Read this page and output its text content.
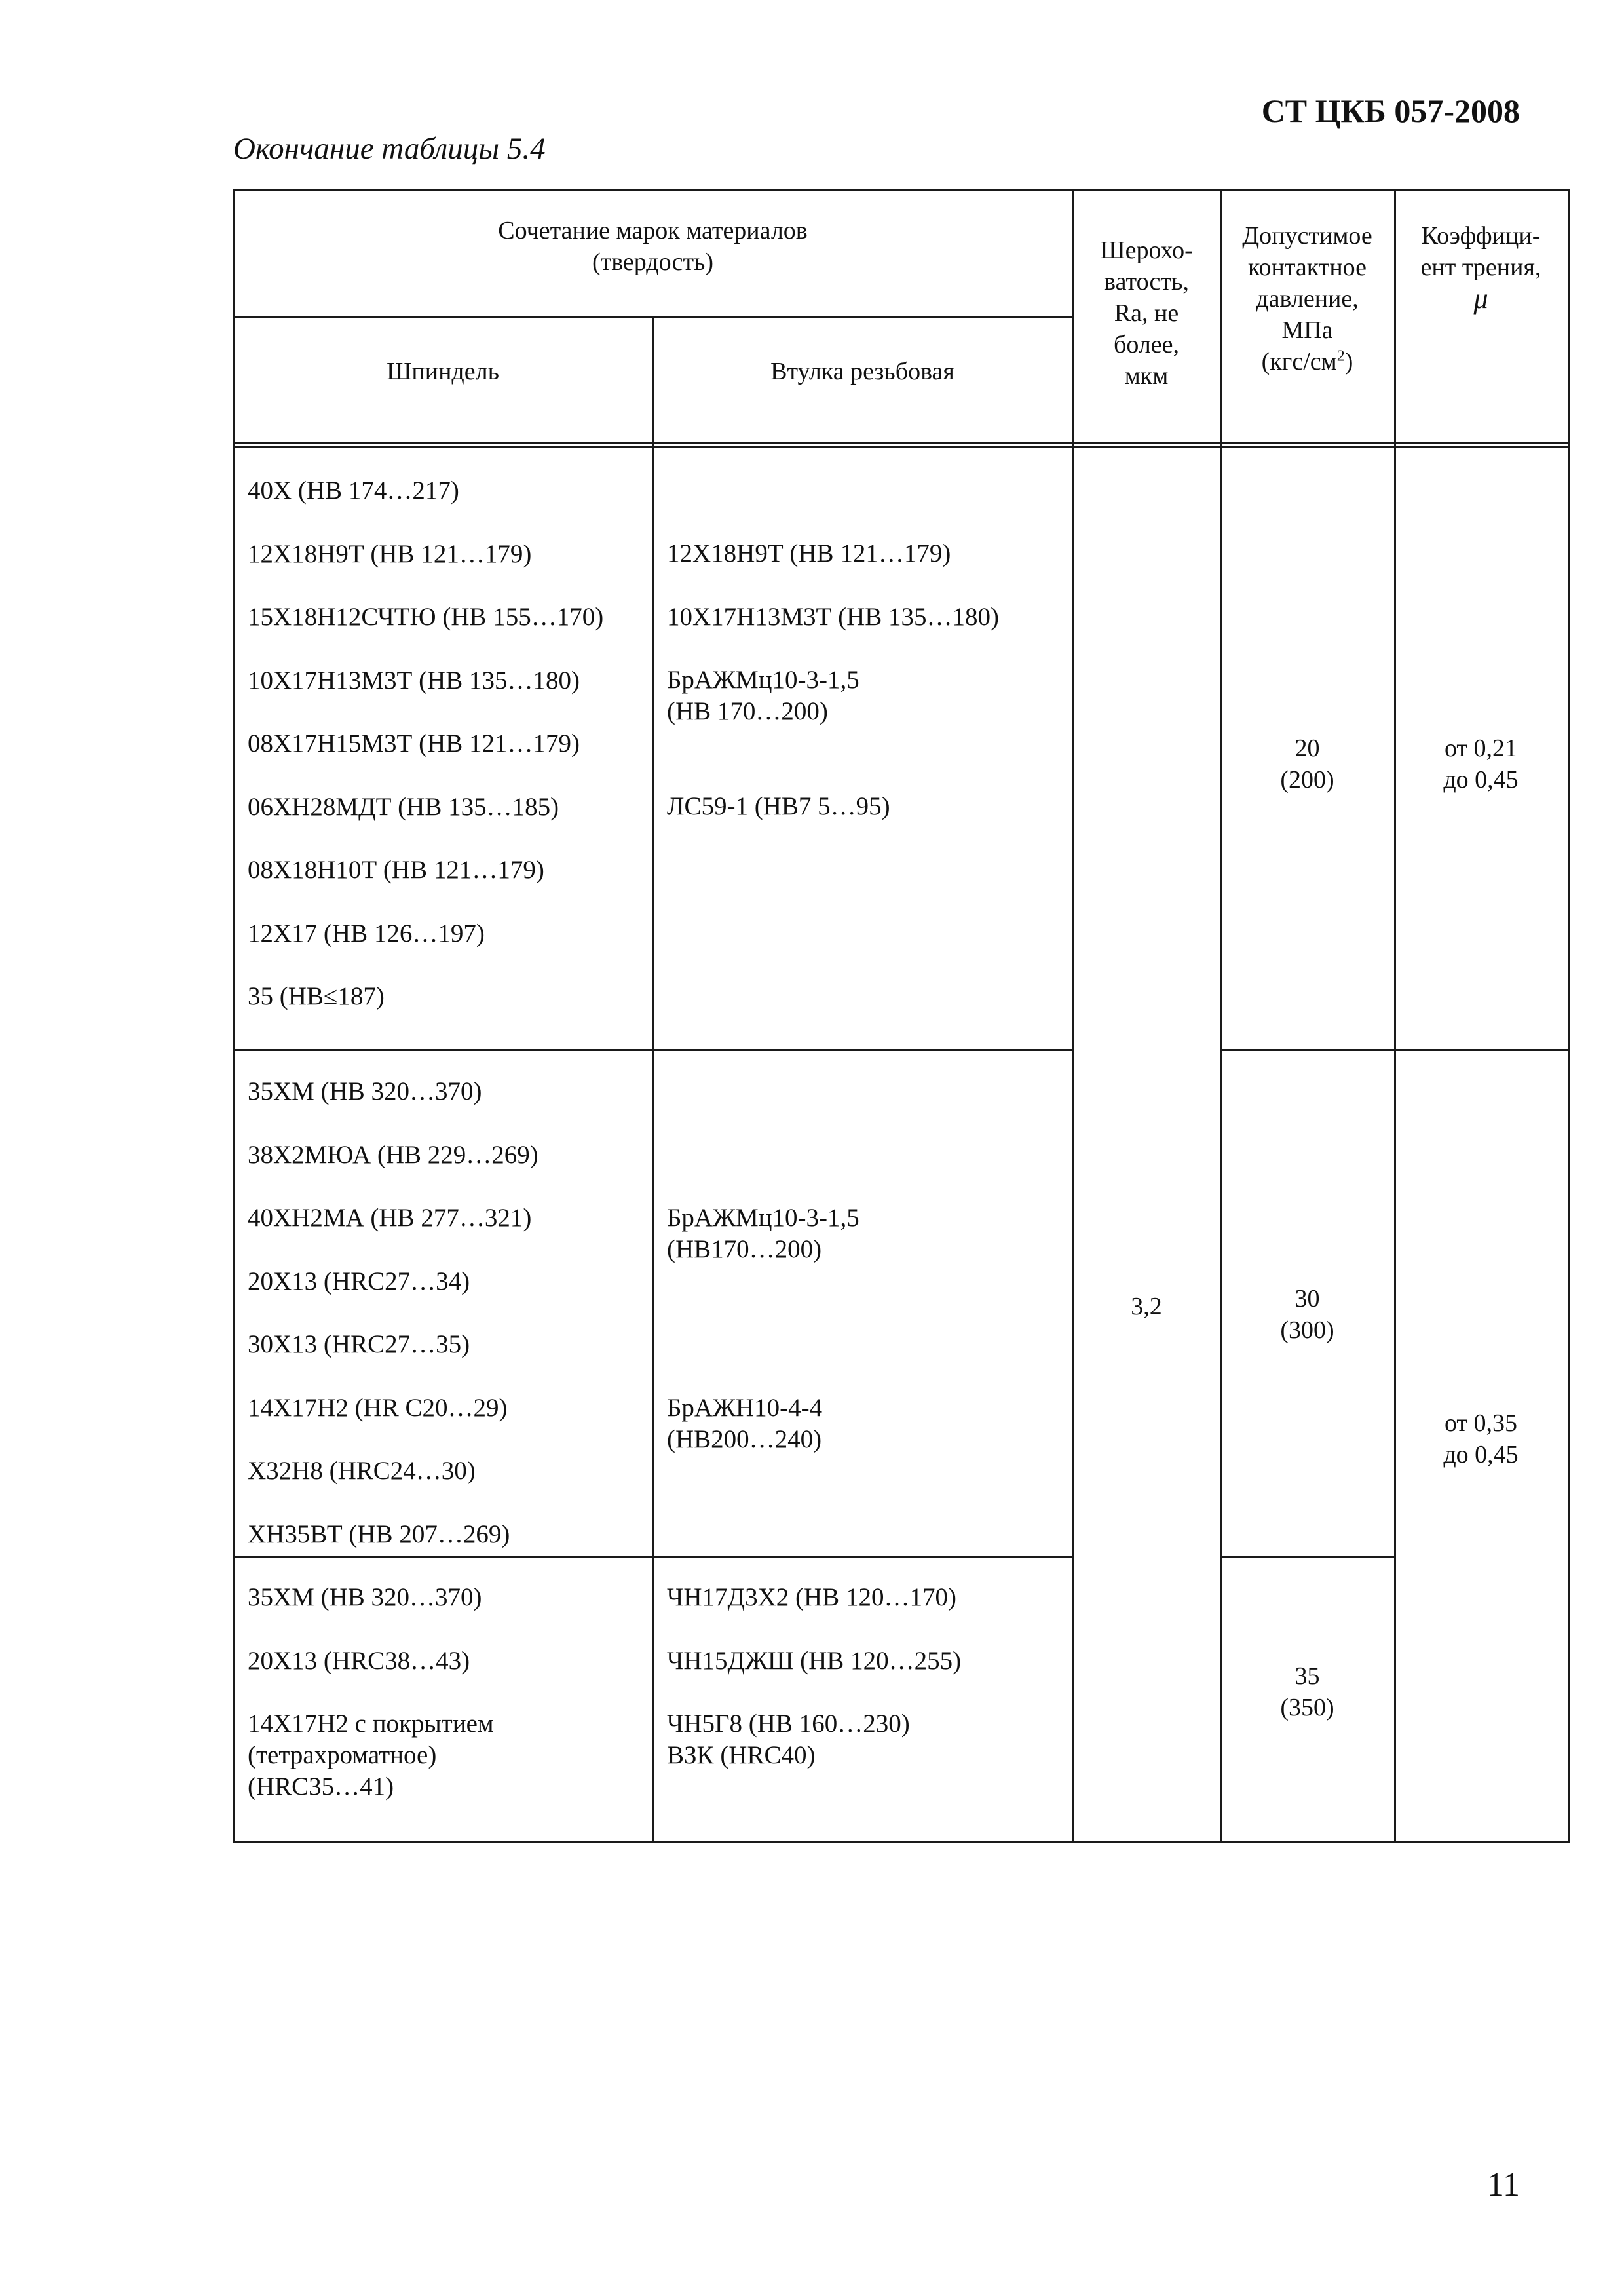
СТ ЦКБ 057-2008
Окончание таблицы 5.4
Сочетание марок материалов
(твердость)
Шпиндель	Втулка резьбовая
Шерохо-
ватость,
Ra, не
более,
мкм
Допустимое
контактное
давление,
МПа
$(кгс/см^2)$
Коэффици-
ент трения,
μ
40Х (НВ 174…217)
12Х18Н9Т (НВ 121…179)
15Х18Н12СЧТЮ (НВ 155…170)
10Х17Н13М3Т (НВ 135…180)
08Х17Н15М3Т (НВ 121…179)
06ХН28МДТ (НВ 135…185)
08Х18Н10Т (НВ 121…179)
12Х17 (НВ 126…197)
35 (НВ≤187)
12Х18Н9Т (НВ 121…179)
10Х17Н13М3Т (НВ 135…180)
БрАЖМц10-3-1,5
(НВ 170…200)
ЛС59-1 (НВ7 5…95)
20
(200)
от 0,21
до 0,45
3,2
35ХМ (НВ 320…370)
38Х2МЮА (НВ 229…269)
40ХН2МА (НВ 277…321)
20Х13 (HRC27…34)
30Х13 (HRC27…35)
14Х17Н2 (HR C20…29)
Х32Н8 (HRC24…30)
ХН35ВТ (НВ 207…269)
БрАЖМц10-3-1,5
(НВ170…200)
БрАЖН10-4-4
(НВ200…240)
30
(300)
от 0,35
до 0,45
35ХМ (НВ 320…370)
20Х13 (HRC38…43)
14Х17Н2 с покрытием
(тетрахроматное)
(HRC35…41)
ЧН17Д3Х2 (НВ 120…170)
ЧН15ДЖШ (НВ 120…255)
ЧН5Г8 (НВ 160…230)
ВЗК (HRC40)
35
(350)
11
